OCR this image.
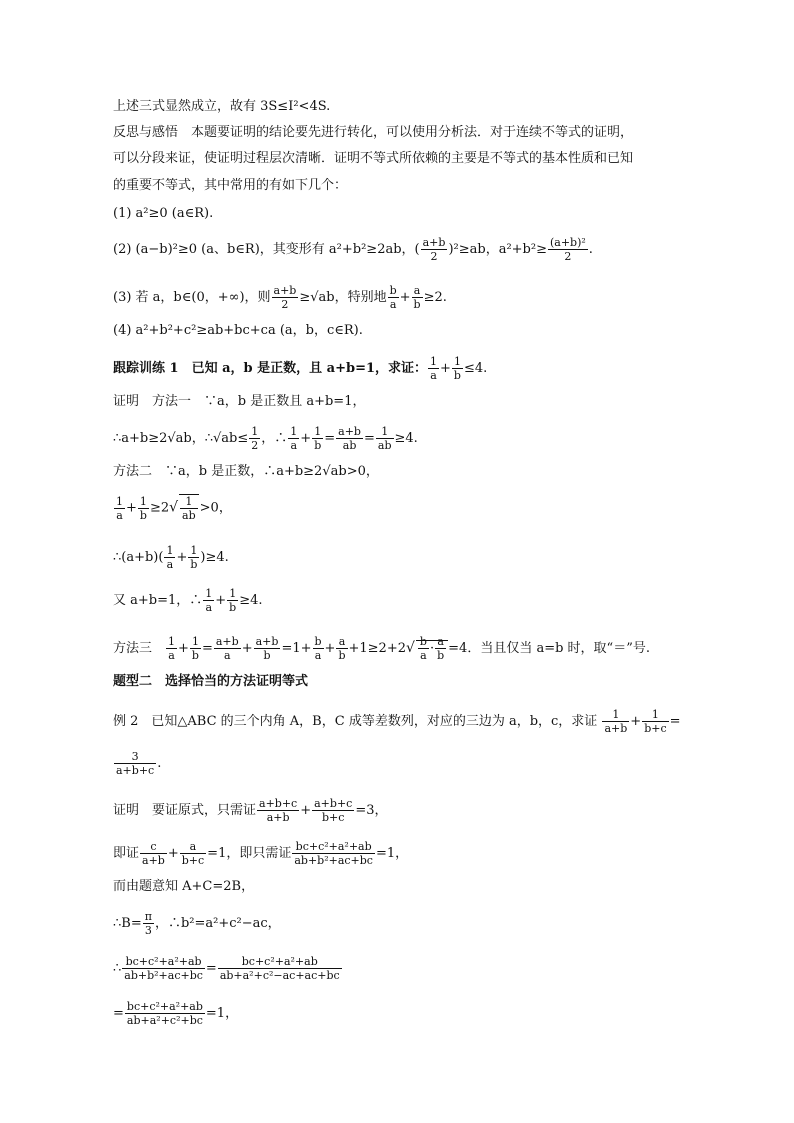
上述三式显然成立，故有 3S≤I²<4S.
反思与感悟　本题要证明的结论要先进行转化，可以使用分析法．对于连续不等式的证明，
可以分段来证，使证明过程层次清晰．证明不等式所依赖的主要是不等式的基本性质和已知
的重要不等式，其中常用的有如下几个：
(1) a²≥0 (a∈R).
(2) (a−b)²≥0 (a、b∈R)，其变形有 a²+b²≥2ab，( $\frac{a+b}{2} )^2\ge ab$，$a^2+b^2\ge \frac{\text{(a+b)²}}{2}$ .
(3) 若 a，b∈(0，+∞)，则 $\frac{a+b}{2} \ge√ab$，特别地 $\frac{b}{a} + \frac{a}{b} \ge 2$.
(4) a²+b²+c²≥ab+bc+ca (a，b，c∈R).
跟踪训练 1　已知 a，b 是正数，且 a+b=1，求证： $\frac{1}{a} + \frac{1}{b} \le 4$.
证明　方法一　∵a，b 是正数且 a+b=1，
∴a+b≥2√ab，∴√ab≤ $\frac{1}{2}$ ，∴ $\frac{1}{a} + \frac{1}{b} = \frac{a+b}{ab} = \frac{1}{ab} \ge 4$.
方法二　∵a，b 是正数，∴a+b≥2√ab>0，
$\frac{1}{a} + \frac{1}{b} \ge 2√ \frac{1}{ab} >0$，
∴(a+b)( $\frac{1}{a} + \frac{1}{b} )\ge 4$.
又 a+b=1，∴ $\frac{1}{a} + \frac{1}{b} \ge 4$.
方法三　 $\frac{1}{a} + \frac{1}{b} = \frac{a+b}{a} + \frac{a+b}{b} =1+ \frac{b}{a} + \frac{a}{b} +1\ge 2+2√ \frac{b}{a} \cdot \frac{a}{b} =4$．当且仅当 a=b 时，取“＝”号.
题型二　选择恰当的方法证明等式
例 2　已知△ABC 的三个内角 A，B，C 成等差数列，对应的三边为 a，b，c，求证 $\frac{1}{a+b} + \frac{1}{b+c}$ =
$\frac{3}{a+b+c}$ .
证明　要证原式，只需证 $\frac{a+b+c}{a+b} + \frac{a+b+c}{b+c} =3$，
即证 $\frac{c}{a+b} + \frac{a}{b+c} =1$，即只需证 $\frac{\text{bc+c²+a²+ab}}{\text{ab+b²+ac+bc}} =1$，
而由题意知 A+C=2B，
∴B= $\frac{\pi}{3}$ ，∴b²=a²+c²−ac，
∴ $\frac{\text{bc+c²+a²+ab}}{\text{ab+b²+ac+bc}} = \frac{\text{bc+c²+a²+ab}}{\text{ab+a²+c²−ac+ac+bc}}$
= $\frac{\text{bc+c²+a²+ab}}{\text{ab+a²+c²+bc}} =1$，
